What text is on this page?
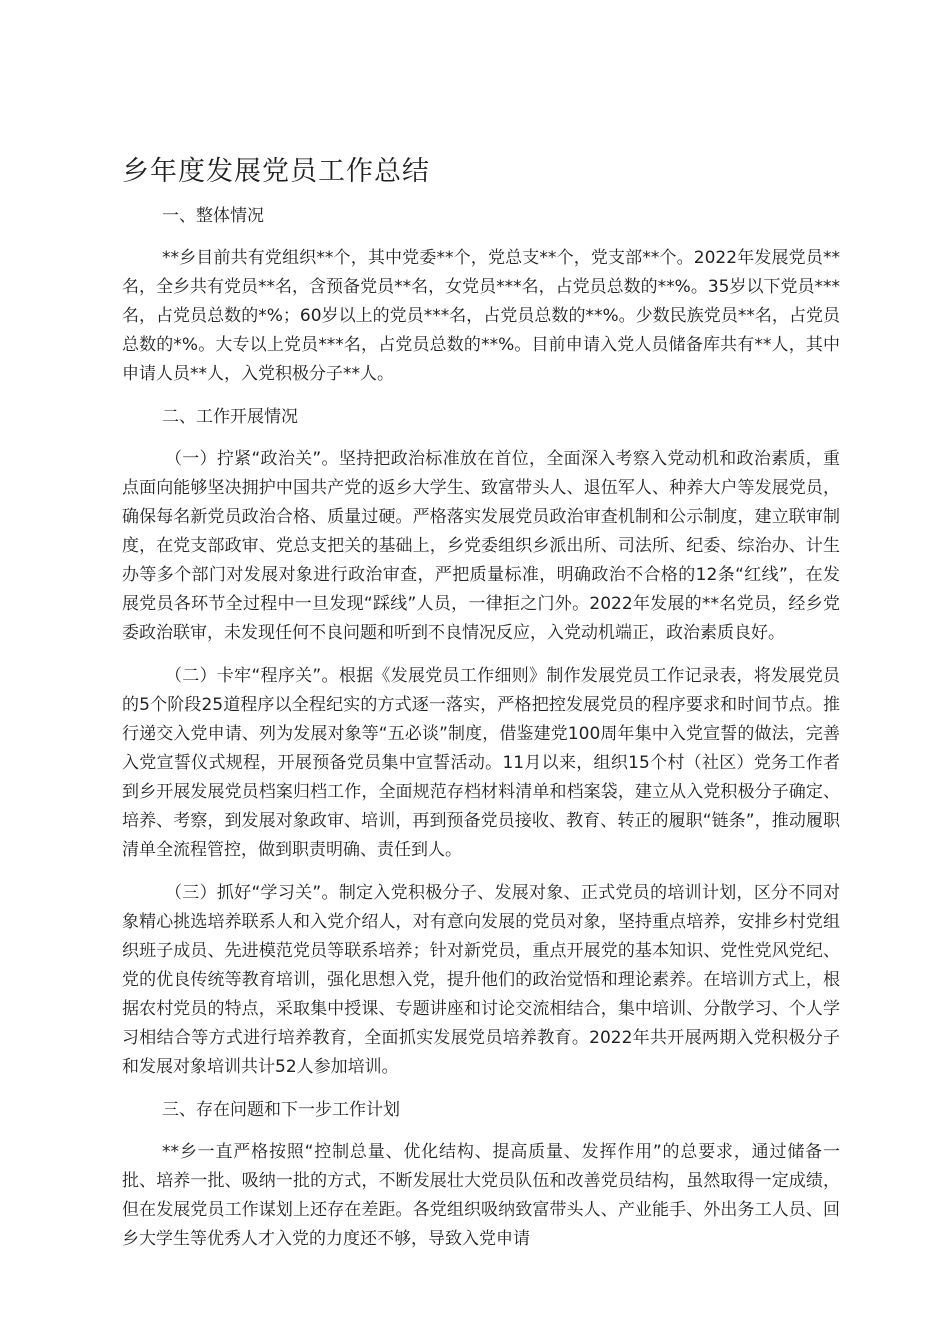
乡年度发展党员工作总结

一、整体情况

**乡目前共有党组织**个，其中党委**个，党总支**个，党支部**个。2022年发展党员**名，全乡共有党员**名，含预备党员**名，女党员***名，占党员总数的**%。35岁以下党员***名，占党员总数的*%；60岁以上的党员***名，占党员总数的**%。少数民族党员**名，占党员总数的*%。大专以上党员***名，占党员总数的**%。目前申请入党人员储备库共有**人，其中申请人员**人，入党积极分子**人。

二、工作开展情况

（一）拧紧“政治关”。坚持把政治标准放在首位，全面深入考察入党动机和政治素质，重点面向能够坚决拥护中国共产党的返乡大学生、致富带头人、退伍军人、种养大户等发展党员，确保每名新党员政治合格、质量过硬。严格落实发展党员政治审查机制和公示制度，建立联审制度，在党支部政审、党总支把关的基础上，乡党委组织乡派出所、司法所、纪委、综治办、计生办等多个部门对发展对象进行政治审查，严把质量标准，明确政治不合格的12条“红线”，在发展党员各环节全过程中一旦发现“踩线”人员，一律拒之门外。2022年发展的**名党员，经乡党委政治联审，未发现任何不良问题和听到不良情况反应，入党动机端正，政治素质良好。

（二）卡牢“程序关”。根据《发展党员工作细则》制作发展党员工作记录表，将发展党员的5个阶段25道程序以全程纪实的方式逐一落实，严格把控发展党员的程序要求和时间节点。推行递交入党申请、列为发展对象等“五必谈”制度，借鉴建党100周年集中入党宣誓的做法，完善入党宣誓仪式规程，开展预备党员集中宣誓活动。11月以来，组织15个村（社区）党务工作者到乡开展发展党员档案归档工作，全面规范存档材料清单和档案袋，建立从入党积极分子确定、培养、考察，到发展对象政审、培训，再到预备党员接收、教育、转正的履职“链条”，推动履职清单全流程管控，做到职责明确、责任到人。

（三）抓好“学习关”。制定入党积极分子、发展对象、正式党员的培训计划，区分不同对象精心挑选培养联系人和入党介绍人，对有意向发展的党员对象，坚持重点培养，安排乡村党组织班子成员、先进模范党员等联系培养；针对新党员，重点开展党的基本知识、党性党风党纪、党的优良传统等教育培训，强化思想入党，提升他们的政治觉悟和理论素养。在培训方式上，根据农村党员的特点，采取集中授课、专题讲座和讨论交流相结合，集中培训、分散学习、个人学习相结合等方式进行培养教育，全面抓实发展党员培养教育。2022年共开展两期入党积极分子和发展对象培训共计52人参加培训。

三、存在问题和下一步工作计划

**乡一直严格按照“控制总量、优化结构、提高质量、发挥作用”的总要求，通过储备一批、培养一批、吸纳一批的方式，不断发展壮大党员队伍和改善党员结构，虽然取得一定成绩，但在发展党员工作谋划上还存在差距。各党组织吸纳致富带头人、产业能手、外出务工人员、回乡大学生等优秀人才入党的力度还不够，导致入党申请
